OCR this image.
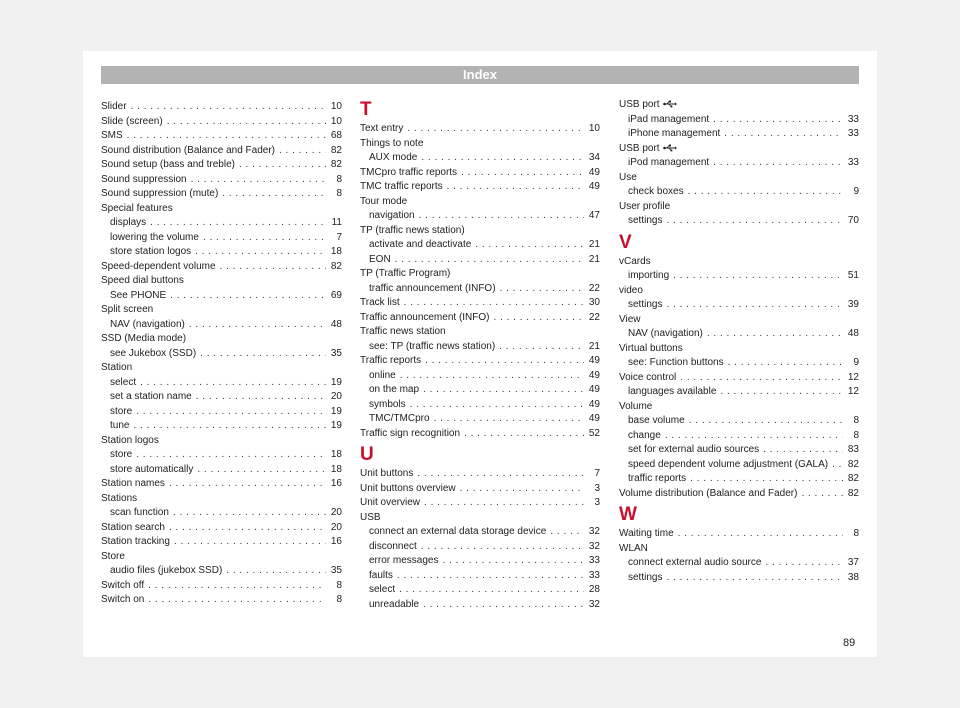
Index
Slider . . .	10
Slide (screen) . . .	10
SMS . . .	68
Sound distribution (Balance and Fader) . . .	82
Sound setup (bass and treble) . . .	82
Sound suppression . . .	8
Sound suppression (mute) . . .	8
Special features
displays . . .	11
lowering the volume . . .	7
store station logos . . .	18
Speed-dependent volume . . .	82
Speed dial buttons
See PHONE . . .	69
Split screen
NAV (navigation) . . .	48
SSD (Media mode)
see Jukebox (SSD) . . .	35
Station
select . . .	19
set a station name . . .	20
store . . .	19
tune . . .	19
Station logos
store . . .	18
store automatically . . .	18
Station names . . .	16
Stations
scan function . . .	20
Station search . . .	20
Station tracking . . .	16
Store
audio files (jukebox SSD) . . .	35
Switch off . . .	8
Switch on . . .	8
T
Text entry . . .	10
Things to note
AUX mode . . .	34
TMCpro traffic reports . . .	49
TMC traffic reports . . .	49
Tour mode
navigation . . .	47
TP (traffic news station)
activate and deactivate . . .	21
EON . . .	21
TP (Traffic Program)
traffic announcement (INFO) . . .	22
Track list . . .	30
Traffic announcement (INFO) . . .	22
Traffic news station
see: TP (traffic news station) . . .	21
Traffic reports . . .	49
online . . .	49
on the map . . .	49
symbols . . .	49
TMC/TMCpro . . .	49
Traffic sign recognition . . .	52
U
Unit buttons . . .	7
Unit buttons overview . . .	3
Unit overview . . .	3
USB
connect an external data storage device . . .	32
disconnect . . .	32
error messages . . .	33
faults . . .	33
select . . .	28
unreadable . . .	32
USB port
iPad management . . .	33
iPhone management . . .	33
USB port
iPod management . . .	33
Use
check boxes . . .	9
User profile
settings . . .	70
V
vCards
importing . . .	51
video
settings . . .	39
View
NAV (navigation) . . .	48
Virtual buttons
see: Function buttons . . .	9
Voice control . . .	12
languages available . . .	12
Volume
base volume . . .	8
change . . .	8
set for external audio sources . . .	83
speed dependent volume adjustment (GALA) . . . 82
traffic reports . . .	82
Volume distribution (Balance and Fader) . . .	82
W
Waiting time . . .	8
WLAN
connect external audio source . . .	37
settings . . .	38
89
